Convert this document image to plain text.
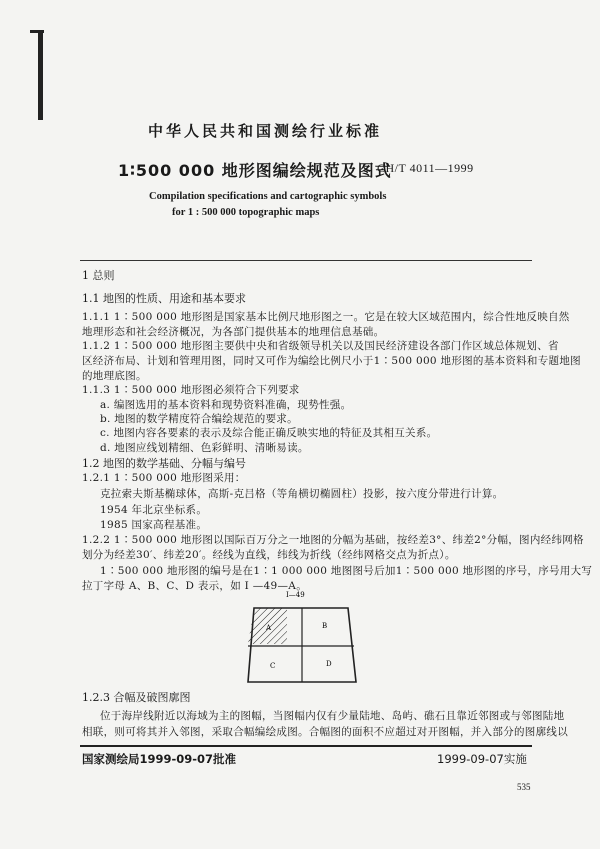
中华人民共和国测绘行业标准
1∶500 000 地形图编绘规范及图式
CH/T 4011—1999
Compilation specifications and cartographic symbols
for 1 : 500 000 topographic maps
1 总则
1.1 地图的性质、用途和基本要求
1.1.1 1∶500 000 地形图是国家基本比例尺地形图之一。它是在较大区域范围内，综合性地反映自然
地理形态和社会经济概况，为各部门提供基本的地理信息基础。
1.1.2 1∶500 000 地形图主要供中央和省级领导机关以及国民经济建设各部门作区域总体规划、省
区经济布局、计划和管理用图，同时又可作为编绘比例尺小于1∶500 000 地形图的基本资料和专题地图
的地理底图。
1.1.3 1∶500 000 地形图必须符合下列要求
a. 编图选用的基本资料和现势资料准确，现势性强。
b. 地图的数学精度符合编绘规范的要求。
c. 地图内容各要素的表示及综合能正确反映实地的特征及其相互关系。
d. 地图应线划精细、色彩鲜明、清晰易读。
1.2 地图的数学基础、分幅与编号
1.2.1 1∶500 000 地形图采用：
克拉索夫斯基椭球体，高斯-克吕格（等角横切椭圆柱）投影，按六度分带进行计算。
1954 年北京坐标系。
1985 国家高程基准。
1.2.2 1∶500 000 地形图以国际百万分之一地图的分幅为基础，按经差3°、纬差2°分幅，图内经纬网格
划分为经差30′、纬差20′。经线为直线，纬线为折线（经纬网格交点为折点）。
1∶500 000 地形图的编号是在1∶1 000 000 地图图号后加1∶500 000 地形图的序号，序号用大写
拉丁字母 A、B、C、D 表示，如 I —49—A。
I—49
A	B
C	D
1.2.3 合幅及破图廓图
位于海岸线附近以海域为主的图幅，当图幅内仅有少量陆地、岛屿、礁石且靠近邻图或与邻图陆地
相联，则可将其并入邻图，采取合幅编绘成图。合幅图的面积不应超过对开图幅，并入部分的图廓线以
国家测绘局1999-09-07批准	1999-09-07实施
535
